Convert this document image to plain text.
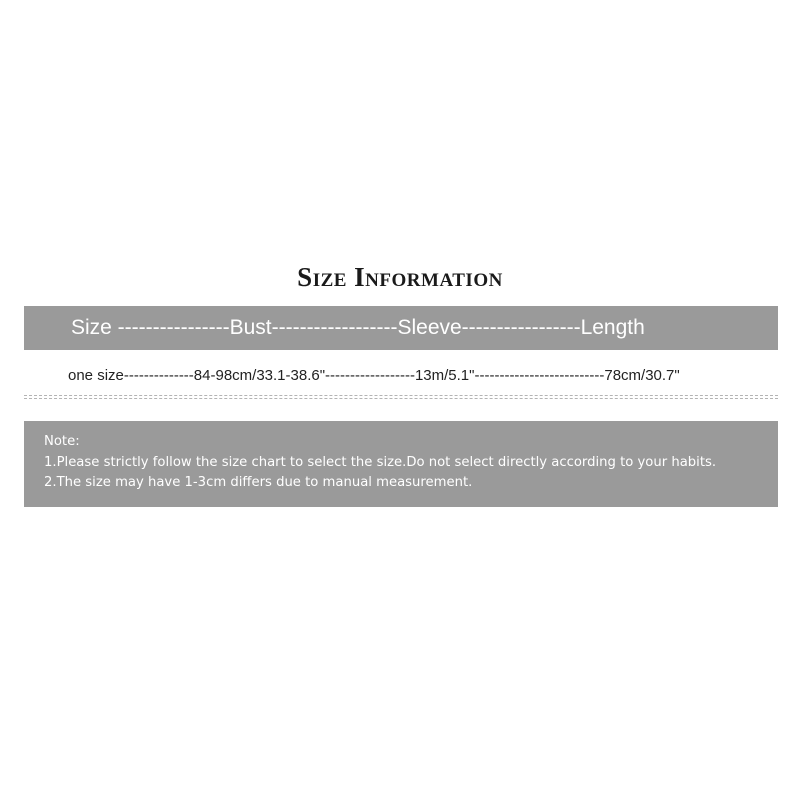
Size Information
Size ----------------Bust------------------Sleeve-----------------Length
one size--------------84-98cm/33.1-38.6"------------------13m/5.1"--------------------------78cm/30.7"
Note:
1.Please strictly follow the size chart to select the size.Do not select directly according to your habits.
2.The size may have 1-3cm differs due to manual measurement.
